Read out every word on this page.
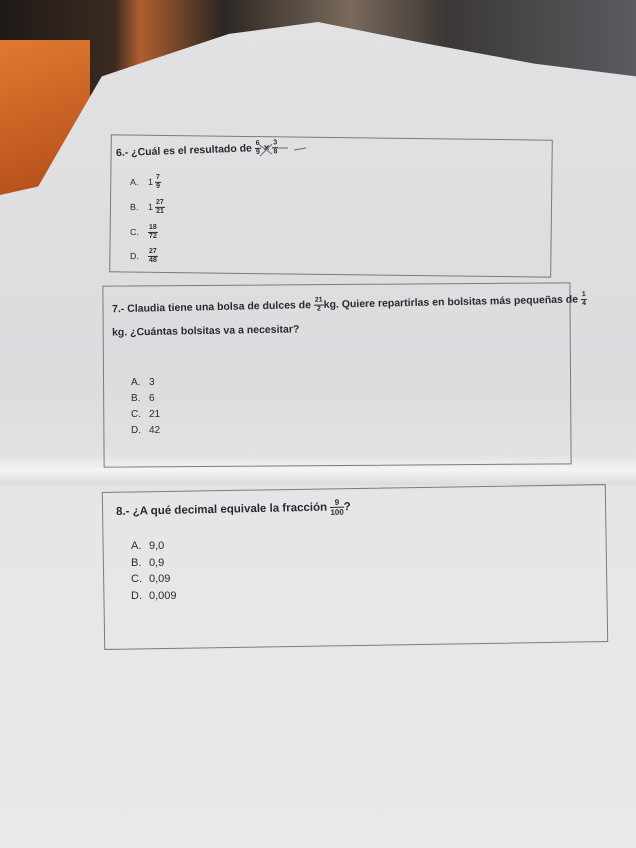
6.- ¿Cuál es el resultado de $\frac{6}{9} \times \frac{3}{8}$
7.- Claudia tiene una bolsa de dulces de $\frac{21}{2}$ kg. Quiere repartirlas en bolsitas más pequeñas de $\frac{1}{4}$
kg. ¿Cuántas bolsitas va a necesitar?
8.- ¿A qué decimal equivale la fracción $\frac{9}{100}$ ?
A. $1 \frac{7}{9}$
B. $1 \frac{27}{21}$
C. $\frac{18}{72}$
D. $\frac{27}{48}$
A. 3
B. 6
C. 21
D. 42
A. 9,0
B. 0,9
C. 0,09
D. 0,009
